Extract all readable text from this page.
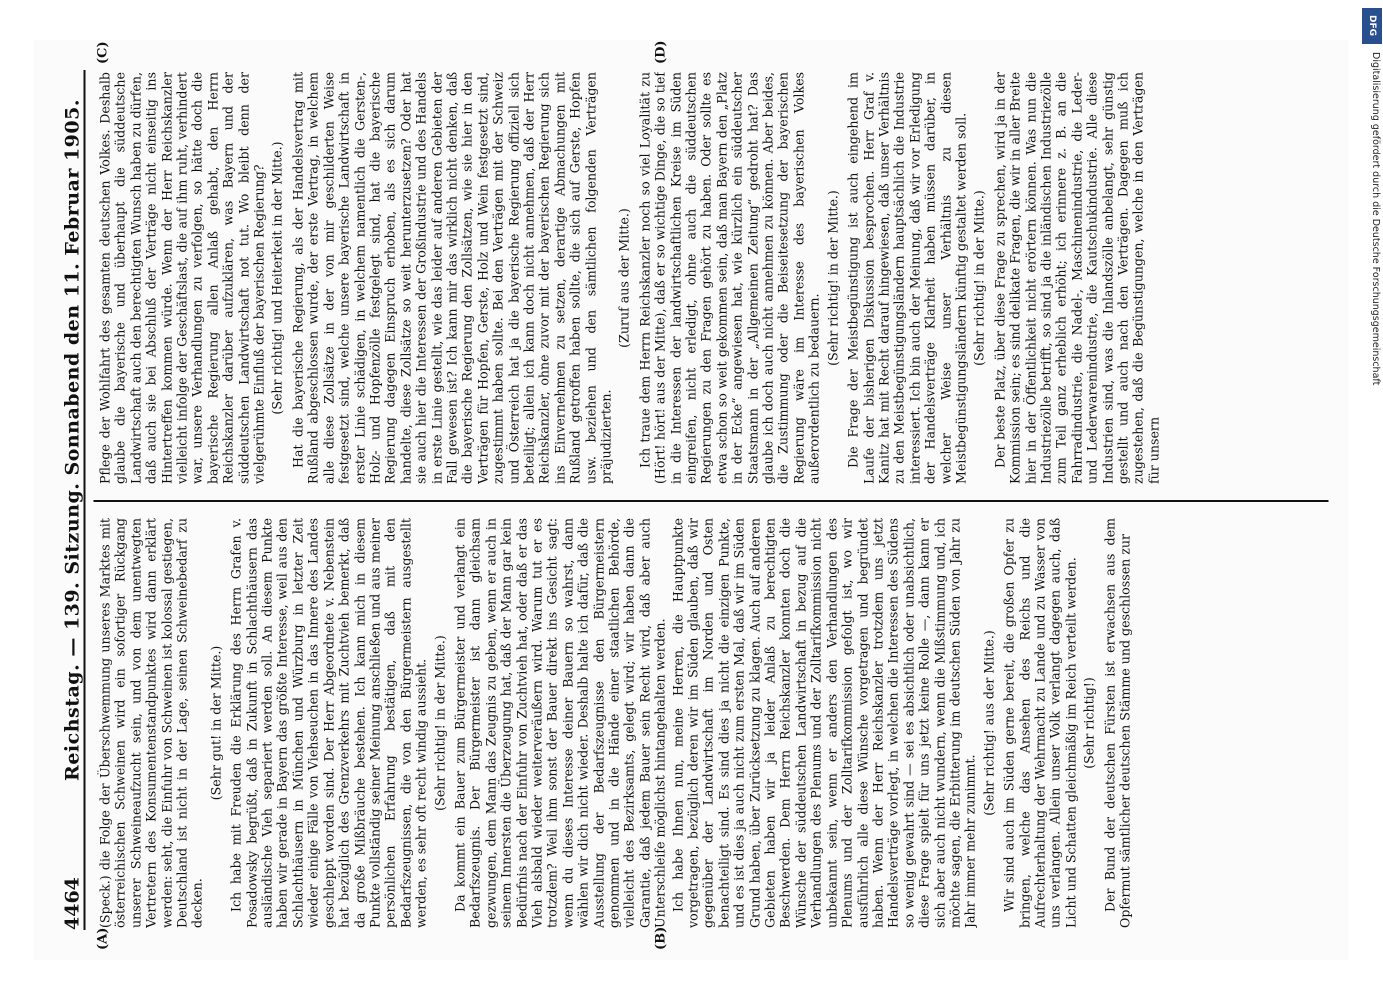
4464
Reichstag. — 139. Sitzung. Sonnabend den 11. Februar 1905.
(A)	(B)
(C)	(D)

(Speck.) die Folge der Überschwemmung unseres Marktes mit österreichischen Schweinen wird ein sofortiger Rückgang unserer Schweineaufzucht sein, und von dem unentwegten Vertretern des Konsumentenstandpunktes wird dann erklärt werden: seht, die Einfuhr von Schweinen ist kolossal gestiegen, Deutschland ist nicht in der Lage, seinen Schweinebedarf zu decken.

(Sehr gut! in der Mitte.) Ich habe mit Freuden die Erklärung des Herrn Grafen v. Posadowsky begrüßt, daß in Zukunft in Schlachthäusern das ausländische Vieh separiert werden soll. An diesem Punkte haben wir gerade in Bayern das größte Interesse, weil aus den Schlachthäusern in München und Würzburg in letzter Zeit wieder einige Fälle von Viehseuchen in das Innere des Landes geschleppt worden sind. Der Herr Abgeordnete v. Nebenstein hat bezüglich des Grenzverkehrs mit Zuchtvieh bemerkt, daß da große Mißbräuche bestehen. Ich kann mich in diesem Punkte vollständig seiner Meinung anschließen und aus meiner persönlichen Erfahrung bestätigen, daß mit den Bedarfszeugnissen, die von den Bürgermeistern ausgestellt werden, es sehr oft recht windig aussieht. (Sehr richtig! in der Mitte.) Da kommt ein Bauer zum Bürgermeister und verlangt ein Bedarfszeugnis. Der Bürgermeister ist dann gleichsam gezwungen, dem Mann das Zeugnis zu geben, wenn er auch in seinem Innersten die Überzeugung hat, daß der Mann gar kein Bedürfnis nach der Einfuhr von Zuchtvieh hat, oder daß er das Vieh alsbald wieder weiterveräußern wird. Warum tut er es trotzdem? Weil ihm sonst der Bauer direkt ins Gesicht sagt: wenn du dieses Interesse deiner Bauern so wahrst, dann wählen wir dich nicht wieder. Deshalb halte ich dafür, daß die Ausstellung der Bedarfszeugnisse den Bürgermeistern genommen und in die Hände einer staatlichen Behörde, vielleicht des Bezirksamts, gelegt wird; wir haben dann die Garantie, daß jedem Bauer sein Recht wird, daß aber auch Unterschleife möglichst hintangehalten werden. Ich habe Ihnen nun, meine Herren, die Hauptpunkte vorgetragen, bezüglich deren wir im Süden glauben, daß wir gegenüber der Landwirtschaft im Norden und Osten benachteiligt sind. Es sind dies ja nicht die einzigen Punkte, und es ist dies ja auch nicht zum ersten Mal, daß wir im Süden Grund haben, über Zurücksetzung zu klagen. Auch auf anderen Gebieten haben wir ja leider Anlaß zu berechtigten Beschwerden. Dem Herrn Reichskanzler konnten doch die Wünsche der süddeutschen Landwirtschaft in bezug auf die Verhandlungen des Plenums und der Zolltarifkommission nicht unbekannt sein, wenn er anders den Verhandlungen des Plenums und der Zolltarifkommission gefolgt ist, wo wir ausführlich alle diese Wünsche vorgetragen und begründet haben. Wenn der Herr Reichskanzler trotzdem uns jetzt Handelsverträge vorlegt, in welchen die Interessen des Südens so wenig gewahrt sind — sei es absichtlich oder unabsichtlich, diese Frage spielt für uns jetzt keine Rolle —, dann kann er sich aber auch nicht wundern, wenn die Mißstimmung und, ich möchte sagen, die Erbitterung im deutschen Süden von Jahr zu Jahr immer mehr zunimmt.

(Sehr richtig! aus der Mitte.) Wir sind auch im Süden gerne bereit, die großen Opfer zu bringen, welche das Ansehen des Reichs und die Aufrechterhaltung der Wehrmacht zu Lande und zu Wasser von uns verlangen. Allein unser Volk verlangt dagegen auch, daß Licht und Schatten gleichmäßig im Reich verteilt werden. (Sehr richtig!) Der Bund der deutschen Fürsten ist erwachsen aus dem Opfermut sämtlicher deutschen Stämme und geschlossen zur

Pflege der Wohlfahrt des gesamten deutschen Volkes. Deshalb glaube die bayerische und überhaupt die süddeutsche Landwirtschaft auch den berechtigten Wunsch haben zu dürfen, daß auch sie bei Abschluß der Verträge nicht einseitig ins Hintertreffen kommen würde. Wenn der Herr Reichskanzler vielleicht infolge der Geschäftslast, die auf ihm ruht, verhindert war, unsere Verhandlungen zu verfolgen, so hätte doch die bayerische Regierung allen Anlaß gehabt, den Herrn Reichskanzler darüber aufzuklären, was Bayern und der süddeutschen Landwirtschaft not tut. Wo bleibt denn der vielgerühmte Einfluß der bayerischen Regierung? (Sehr richtig! und Heiterkeit in der Mitte.) Hat die bayerische Regierung, als der Handelsvertrag mit Rußland abgeschlossen wurde, der erste Vertrag, in welchem alle diese Zollsätze in der von mir geschilderten Weise festgesetzt sind, welche unsere bayerische Landwirtschaft in erster Linie schädigen, in welchem namentlich die Gersten-, Holz- und Hopfenzölle festgelegt sind, hat die bayerische Regierung dagegen Einspruch erhoben, als es sich darum handelte, diese Zollsätze so weit herunterzusetzen? Oder hat sie auch hier die Interessen der Großindustrie und des Handels in erste Linie gestellt, wie das leider auf anderen Gebieten der Fall gewesen ist? Ich kann mir das wirklich nicht denken, daß die bayerische Regierung den Zollsätzen, wie sie hier in den Verträgen für Hopfen, Gerste, Holz und Wein festgesetzt sind, zugestimmt haben sollte. Bei den Verträgen mit der Schweiz und Österreich hat ja die bayerische Regierung offiziell sich beteiligt; allein ich kann doch nicht annehmen, daß der Herr Reichskanzler, ohne zuvor mit der bayerischen Regierung sich ins Einvernehmen zu setzen, derartige Abmachungen mit Rußland getroffen haben sollte, die sich auf Gerste, Hopfen usw. beziehen und den sämtlichen folgenden Verträgen präjudizierten.

(Zuruf aus der Mitte.) Ich traue dem Herrn Reichskanzler noch so viel Loyalität zu (Hört! hört! aus der Mitte), daß er so wichtige Dinge, die so tief in die Interessen der landwirtschaftlichen Kreise im Süden eingreifen, nicht erledigt, ohne auch die süddeutschen Regierungen zu den Fragen gehört zu haben. Oder sollte es etwa schon so weit gekommen sein, daß man Bayern den „Platz in der Ecke“ angewiesen hat, wie kürzlich ein süddeutscher Staatsmann in der „Allgemeinen Zeitung“ gedroht hat? Das glaube ich doch auch nicht annehmen zu können. Aber beides, die Zustimmung oder die Beiseitesetzung der bayerischen Regierung wäre im Interesse des bayerischen Volkes außerordentlich zu bedauern.

(Sehr richtig! in der Mitte.) Die Frage der Meistbegünstigung ist auch eingehend im Laufe der bisherigen Diskussion besprochen. Herr Graf v. Kanitz hat mit Recht darauf hingewiesen, daß unser Verhältnis zu den Meistbegünstigungsländern hauptsächlich die Industrie interessiert. Ich bin auch der Meinung, daß wir vor Erledigung der Handelsverträge Klarheit haben müssen darüber, in welcher Weise unser Verhältnis zu diesen Meistbegünstigungsländern künftig gestaltet werden soll. (Sehr richtig! in der Mitte.) Der beste Platz, über diese Frage zu sprechen, wird ja in der Kommission sein; es sind delikate Fragen, die wir in aller Breite hier in der Öffentlichkeit nicht erörtern können. Was nun die Industriezölle betrifft, so sind ja die inländischen Industriezölle zum Teil ganz erheblich erhöht; ich erinnere z. B. an die Fahrradindustrie, die Nadel-, Maschinenindustrie, die Leder- und Lederwarenindustrie, die Kautschukindustrie. Alle diese Industrien sind, was die Inlandszölle anbelangt, sehr günstig gestellt und auch nach den Verträgen. Dagegen muß ich zugestehen, daß die Begünstigungen, welche in den Verträgen für unsern

DFG
Digitalisierung gefördert durch die Deutsche Forschungsgemeinschaft
